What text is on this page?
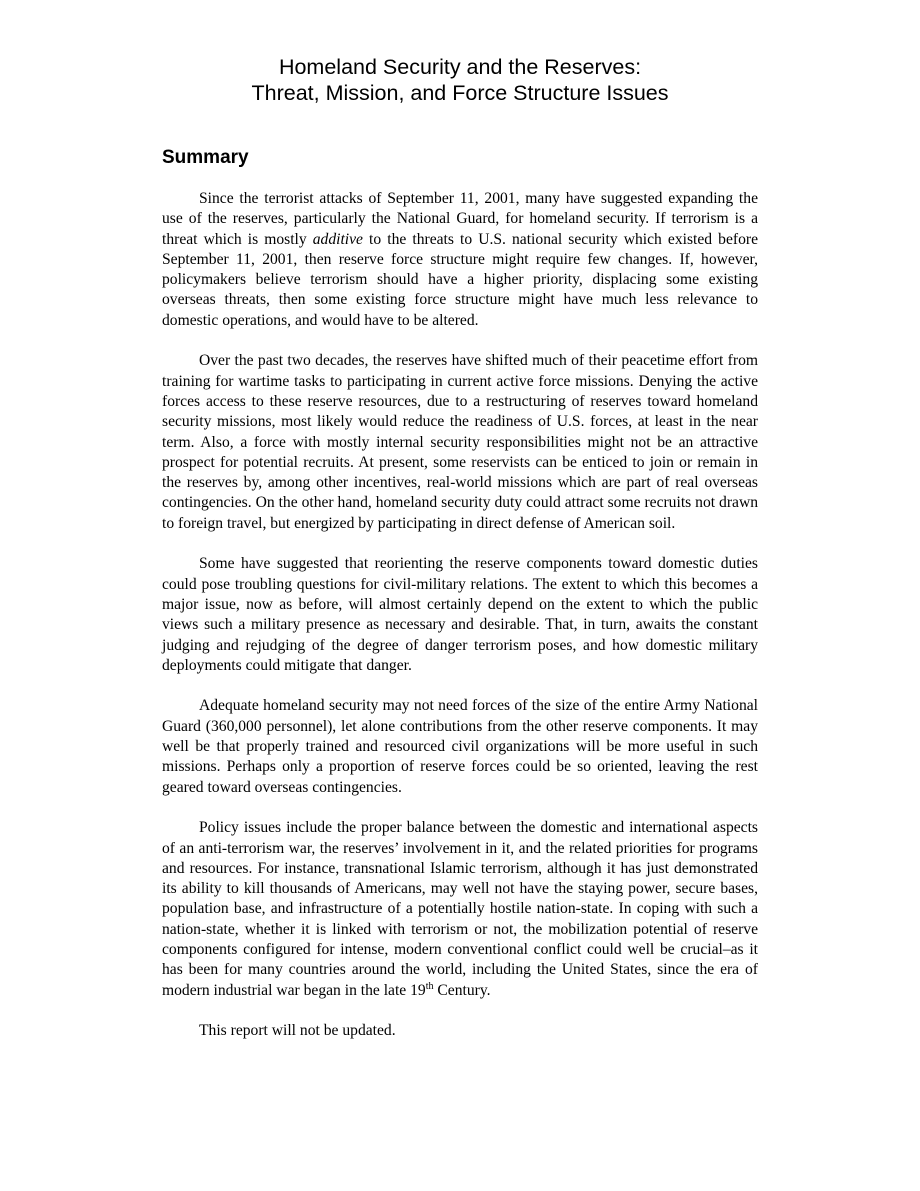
Homeland Security and the Reserves:
Threat, Mission, and Force Structure Issues
Summary

Since the terrorist attacks of September 11, 2001, many have suggested expanding the use of the reserves, particularly the National Guard, for homeland security. If terrorism is a threat which is mostly additive to the threats to U.S. national security which existed before September 11, 2001, then reserve force structure might require few changes. If, however, policymakers believe terrorism should have a higher priority, displacing some existing overseas threats, then some existing force structure might have much less relevance to domestic operations, and would have to be altered.

Over the past two decades, the reserves have shifted much of their peacetime effort from training for wartime tasks to participating in current active force missions. Denying the active forces access to these reserve resources, due to a restructuring of reserves toward homeland security missions, most likely would reduce the readiness of U.S. forces, at least in the near term. Also, a force with mostly internal security responsibilities might not be an attractive prospect for potential recruits. At present, some reservists can be enticed to join or remain in the reserves by, among other incentives, real-world missions which are part of real overseas contingencies. On the other hand, homeland security duty could attract some recruits not drawn to foreign travel, but energized by participating in direct defense of American soil.

Some have suggested that reorienting the reserve components toward domestic duties could pose troubling questions for civil-military relations. The extent to which this becomes a major issue, now as before, will almost certainly depend on the extent to which the public views such a military presence as necessary and desirable. That, in turn, awaits the constant judging and rejudging of the degree of danger terrorism poses, and how domestic military deployments could mitigate that danger.

Adequate homeland security may not need forces of the size of the entire Army National Guard (360,000 personnel), let alone contributions from the other reserve components. It may well be that properly trained and resourced civil organizations will be more useful in such missions. Perhaps only a proportion of reserve forces could be so oriented, leaving the rest geared toward overseas contingencies.

Policy issues include the proper balance between the domestic and international aspects of an anti-terrorism war, the reserves’ involvement in it, and the related priorities for programs and resources. For instance, transnational Islamic terrorism, although it has just demonstrated its ability to kill thousands of Americans, may well not have the staying power, secure bases, population base, and infrastructure of a potentially hostile nation-state. In coping with such a nation-state, whether it is linked with terrorism or not, the mobilization potential of reserve components configured for intense, modern conventional conflict could well be crucial–as it has been for many countries around the world, including the United States, since the era of modern industrial war began in the late 19th Century.

This report will not be updated.
